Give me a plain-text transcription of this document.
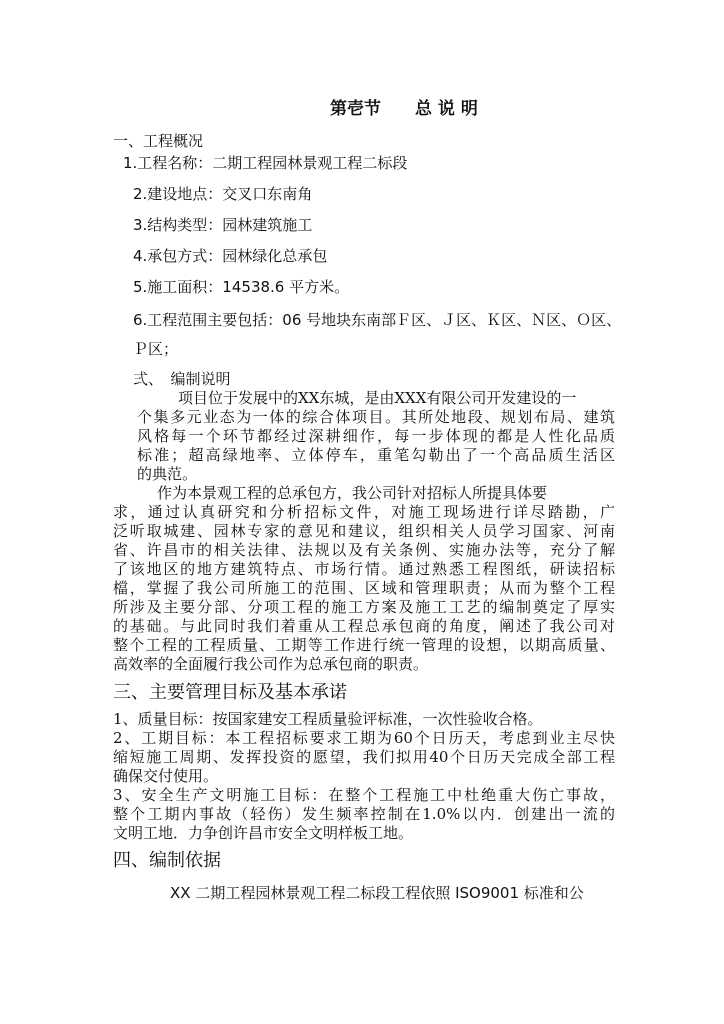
第壱节 总 说 明
一、工程概况
1.工程名称：二期工程园林景观工程二标段
2.建设地点：交叉口东南角
3.结构类型：园林建筑施工
4.承包方式：园林绿化总承包
5.施工面积：14538.6 平方米。
6.工程范围主要包括：06 号地块东南部Ｆ区、Ｊ区、Ｋ区、Ｎ区、Ｏ区、
Ｐ区；
弍、　编制说明
项目位于发展中的XX东城，是由XXX有限公司开发建设的一
个集多元业态为一体的综合体项目。其所处地段、规划布局、建筑
风格每一个环节都经过深耕细作，每一步体现的都是人性化品质
标准；超高绿地率、立体停车，重笔勾勒出了一个高品质生活区
的典范。
作为本景观工程的总承包方，我公司针对招标人所提具体要
求，通过认真研究和分析招标文件，对施工现场进行详尽踏勘，广
泛听取城建、园林专家的意见和建议，组织相关人员学习国家、河南
省、许昌市的相关法律、法规以及有关条例、实施办法等，充分了解
了该地区的地方建筑特点、市场行情。通过熟悉工程图纸，研读招标
檔，掌握了我公司所施工的范围、区域和管理职责；从而为整个工程
所涉及主要分部、分项工程的施工方案及施工工艺的编制奠定了厚实
的基础。与此同时我们着重从工程总承包商的角度，阐述了我公司对
整个工程的工程质量、工期等工作进行统一管理的设想，以期高质量、
高效率的全面履行我公司作为总承包商的职责。
三、主要管理目标及基本承诺
1、质量目标：按国家建安工程质量验评标准，一次性验收合格。
2、工期目标：本工程招标要求工期为60个日历天，考虑到业主尽快
缩短施工周期、发挥投资的愿望，我们拟用40个日历天完成全部工程
确保交付使用。
3、安全生产文明施工目标：在整个工程施工中杜绝重大伤亡事故，
整个工期内事故（轻伤）发生频率控制在1.0%以内．创建出一流的
文明工地．力争创许昌市安全文明样板工地。
四、编制依据
XX 二期工程园林景观工程二标段工程依照 ISO9001 标准和公
